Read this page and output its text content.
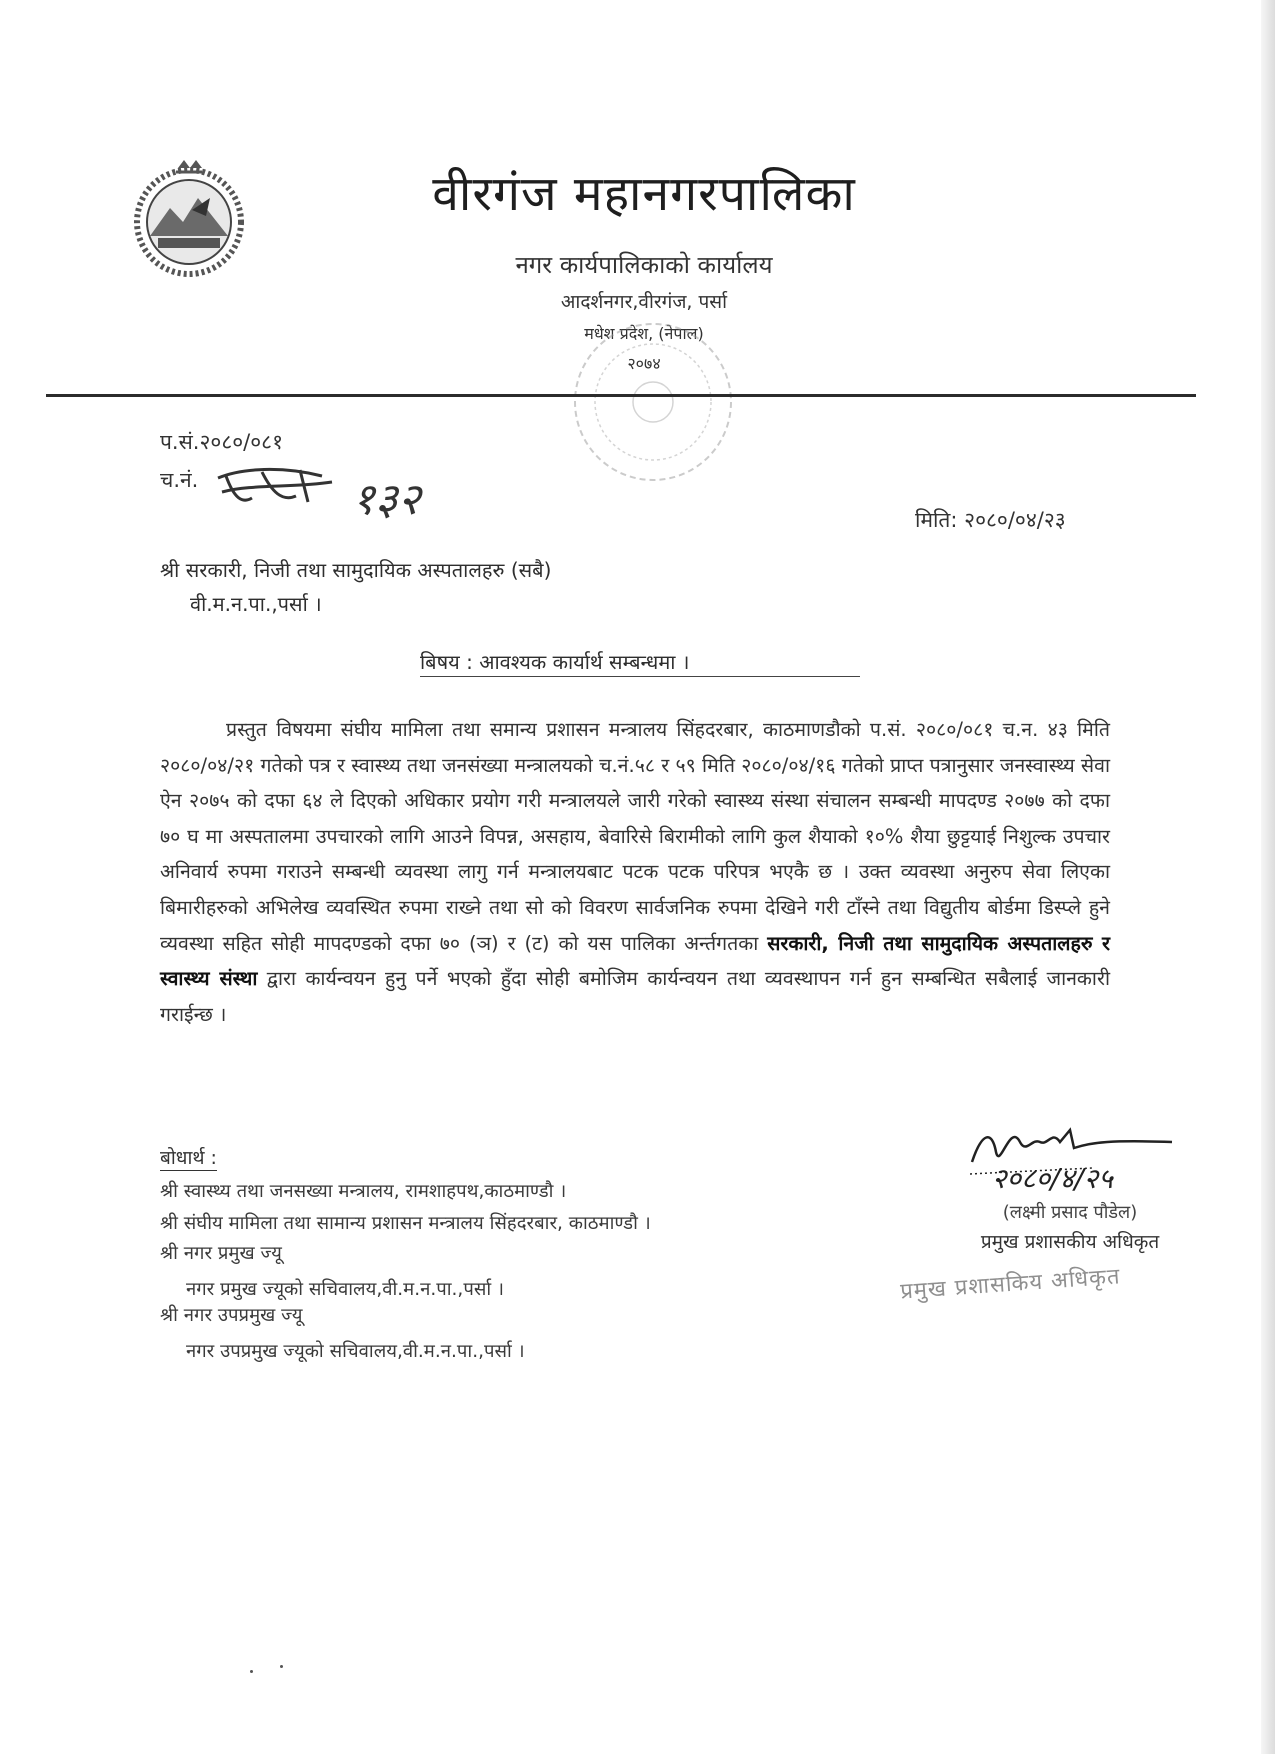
वीरगंज महानगरपालिका
नगर कार्यपालिकाको कार्यालय
आदर्शनगर,वीरगंज, पर्सा
मधेश प्रदेश, (नेपाल)
२०७४
प.सं.२०८०/०८१
च.नं.	१३२	मिति: २०८०/०४/२३
श्री सरकारी, निजी तथा सामुदायिक अस्पतालहरु (सबै)
वी.म.न.पा.,पर्सा ।
बिषय : आवश्यक कार्यार्थ सम्बन्धमा ।
प्रस्तुत विषयमा संघीय मामिला तथा समान्य प्रशासन मन्त्रालय सिंहदरबार, काठमाणडौको प.सं. २०८०/०८१ च.न. ४३ मिति २०८०/०४/२१ गतेको पत्र र स्वास्थ्य तथा जनसंख्या मन्त्रालयको च.नं.५८ र ५९ मिति २०८०/०४/१६ गतेको प्राप्त पत्रानुसार जनस्वास्थ्य सेवा ऐन २०७५ को दफा ६४ ले दिएको अधिकार प्रयोग गरी मन्त्रालयले जारी गरेको स्वास्थ्य संस्था संचालन सम्बन्धी मापदण्ड २०७७ को दफा ७० घ मा अस्पतालमा उपचारको लागि आउने विपन्न, असहाय, बेवारिसे बिरामीको लागि कुल शैयाको १०% शैया छुट्टयाई निशुल्क उपचार अनिवार्य रुपमा गराउने सम्बन्धी व्यवस्था लागु गर्न मन्त्रालयबाट पटक पटक परिपत्र भएकै छ । उक्त व्यवस्था अनुरुप सेवा लिएका बिमारीहरुको अभिलेख व्यवस्थित रुपमा राख्ने तथा सो को विवरण सार्वजनिक रुपमा देखिने गरी टाँस्ने तथा विद्युतीय बोर्डमा डिस्प्ले हुने व्यवस्था सहित सोही मापदण्डको दफा ७० (ञ) र (ट) को यस पालिका अर्न्तगतका सरकारी, निजी तथा सामुदायिक अस्पतालहरु र स्वास्थ्य संस्था द्वारा कार्यन्वयन हुनु पर्ने भएको हुँदा सोही बमोजिम कार्यन्वयन तथा व्यवस्थापन गर्न हुन सम्बन्धित सबैलाई जानकारी गराईन्छ ।
२०८०/४/२५
(लक्ष्मी प्रसाद पौडेल)
प्रमुख प्रशासकीय अधिकृत
प्रमुख प्रशासकिय अधिकृत
बोधार्थ :
श्री स्वास्थ्य तथा जनसख्या मन्त्रालय, रामशाहपथ,काठमाण्डौ ।
श्री संघीय मामिला तथा सामान्य प्रशासन मन्त्रालय सिंहदरबार, काठमाण्डौ ।
श्री नगर प्रमुख ज्यू
नगर प्रमुख ज्यूको सचिवालय,वी.म.न.पा.,पर्सा ।
श्री नगर उपप्रमुख ज्यू
नगर उपप्रमुख ज्यूको सचिवालय,वी.म.न.पा.,पर्सा ।
